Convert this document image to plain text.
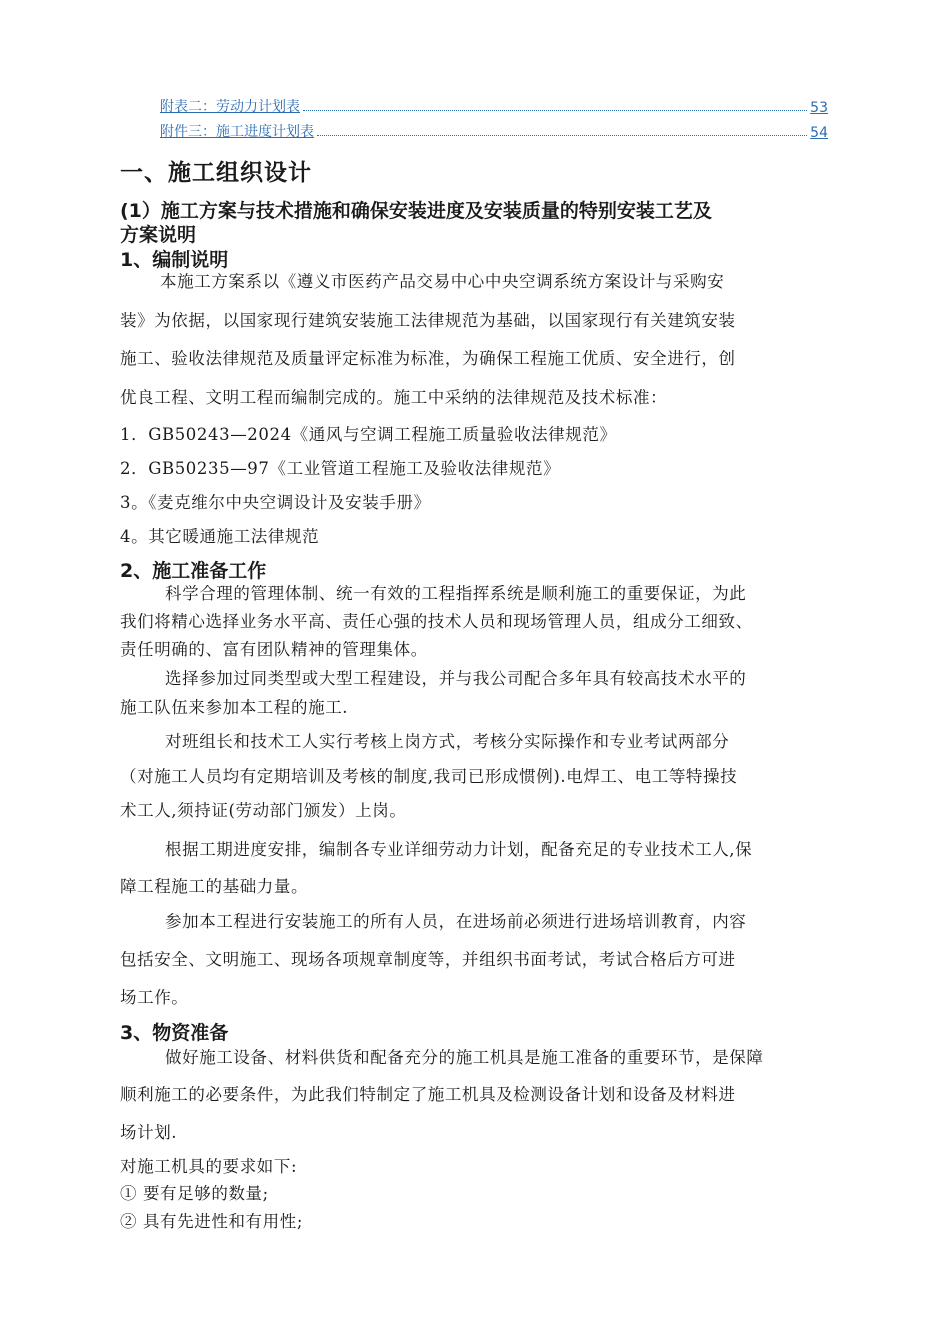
附表二：劳动力计划表	53
附件三：施工进度计划表	54
一、施工组织设计
(1）施工方案与技术措施和确保安装进度及安装质量的特别安装工艺及
方案说明
1、编制说明
本施工方案系以《遵义市医药产品交易中心中央空调系统方案设计与采购安
装》为依据，以国家现行建筑安装施工法律规范为基础，以国家现行有关建筑安装
施工、验收法律规范及质量评定标准为标准，为确保工程施工优质、安全进行，创
优良工程、文明工程而编制完成的。施工中采纳的法律规范及技术标准：
1．GB50243—2024《通风与空调工程施工质量验收法律规范》
2．GB50235—97《工业管道工程施工及验收法律规范》
3。《麦克维尔中央空调设计及安装手册》
4。其它暖通施工法律规范
2、施工准备工作
科学合理的管理体制、统一有效的工程指挥系统是顺利施工的重要保证，为此
我们将精心选择业务水平高、责任心强的技术人员和现场管理人员，组成分工细致、
责任明确的、富有团队精神的管理集体。
选择参加过同类型或大型工程建设，并与我公司配合多年具有较高技术水平的
施工队伍来参加本工程的施工.
对班组长和技术工人实行考核上岗方式，考核分实际操作和专业考试两部分
（对施工人员均有定期培训及考核的制度,我司已形成惯例).电焊工、电工等特操技
术工人,须持证(劳动部门颁发）上岗。
根据工期进度安排，编制各专业详细劳动力计划，配备充足的专业技术工人,保
障工程施工的基础力量。
参加本工程进行安装施工的所有人员，在进场前必须进行进场培训教育，内容
包括安全、文明施工、现场各项规章制度等，并组织书面考试，考试合格后方可进
场工作。
3、物资准备
做好施工设备、材料供货和配备充分的施工机具是施工准备的重要环节，是保障
顺利施工的必要条件，为此我们特制定了施工机具及检测设备计划和设备及材料进
场计划.
对施工机具的要求如下:
① 要有足够的数量;
② 具有先进性和有用性;
